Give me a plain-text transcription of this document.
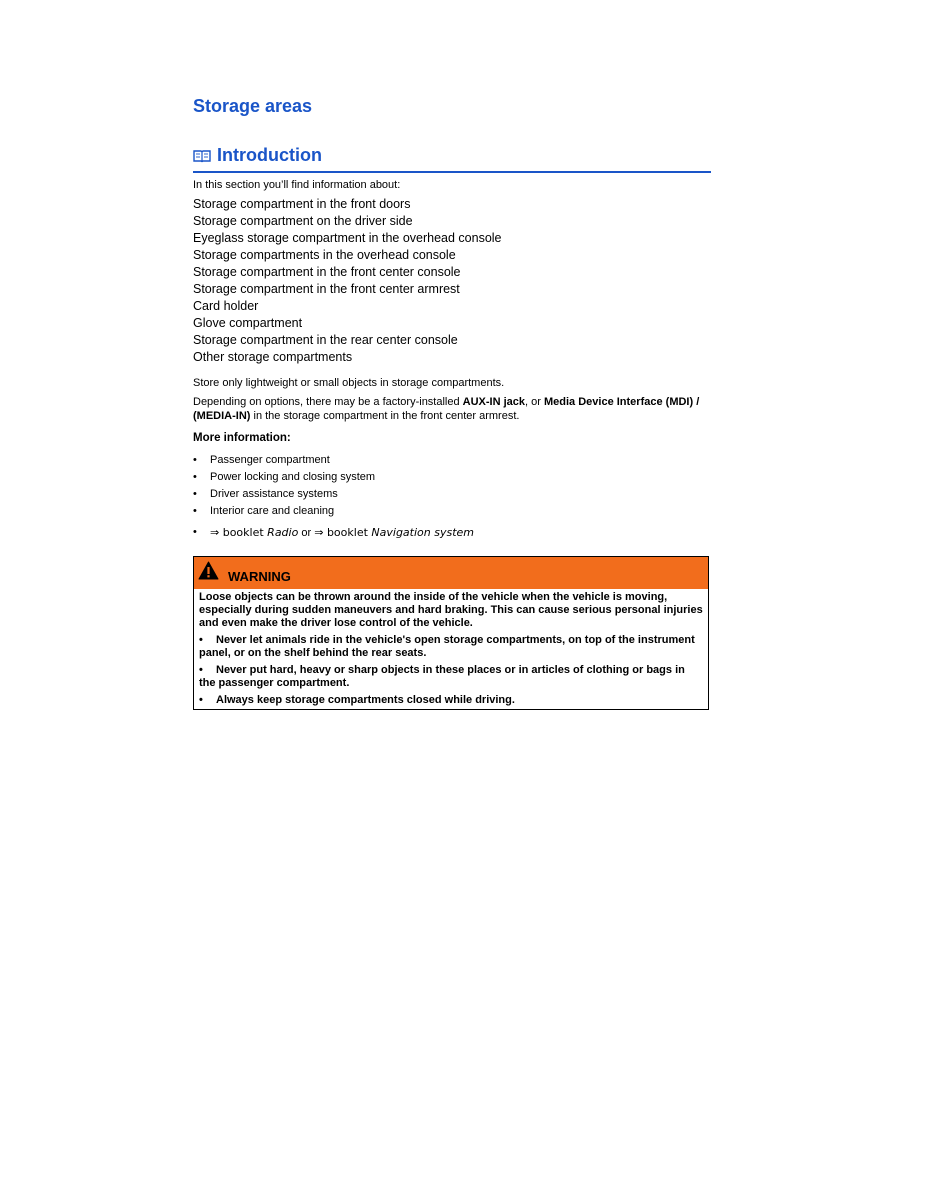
Storage areas
Introduction
In this section you’ll find information about:
Storage compartment in the front doors
Storage compartment on the driver side
Eyeglass storage compartment in the overhead console
Storage compartments in the overhead console
Storage compartment in the front center console
Storage compartment in the front center armrest
Card holder
Glove compartment
Storage compartment in the rear center console
Other storage compartments
Store only lightweight or small objects in storage compartments.
Depending on options, there may be a factory-installed AUX-IN jack, or Media Device Interface (MDI) / (MEDIA-IN) in the storage compartment in the front center armrest.
More information:
• Passenger compartment
• Power locking and closing system
• Driver assistance systems
• Interior care and cleaning
• ⇒ booklet Radio or ⇒ booklet Navigation system
WARNING

Loose objects can be thrown around the inside of the vehicle when the vehicle is moving, especially during sudden maneuvers and hard braking. This can cause serious personal injuries and even make the driver lose control of the vehicle.

• Never let animals ride in the vehicle's open storage compartments, on top of the instrument panel, or on the shelf behind the rear seats.
• Never put hard, heavy or sharp objects in these places or in articles of clothing or bags in the passenger compartment.
• Always keep storage compartments closed while driving.
